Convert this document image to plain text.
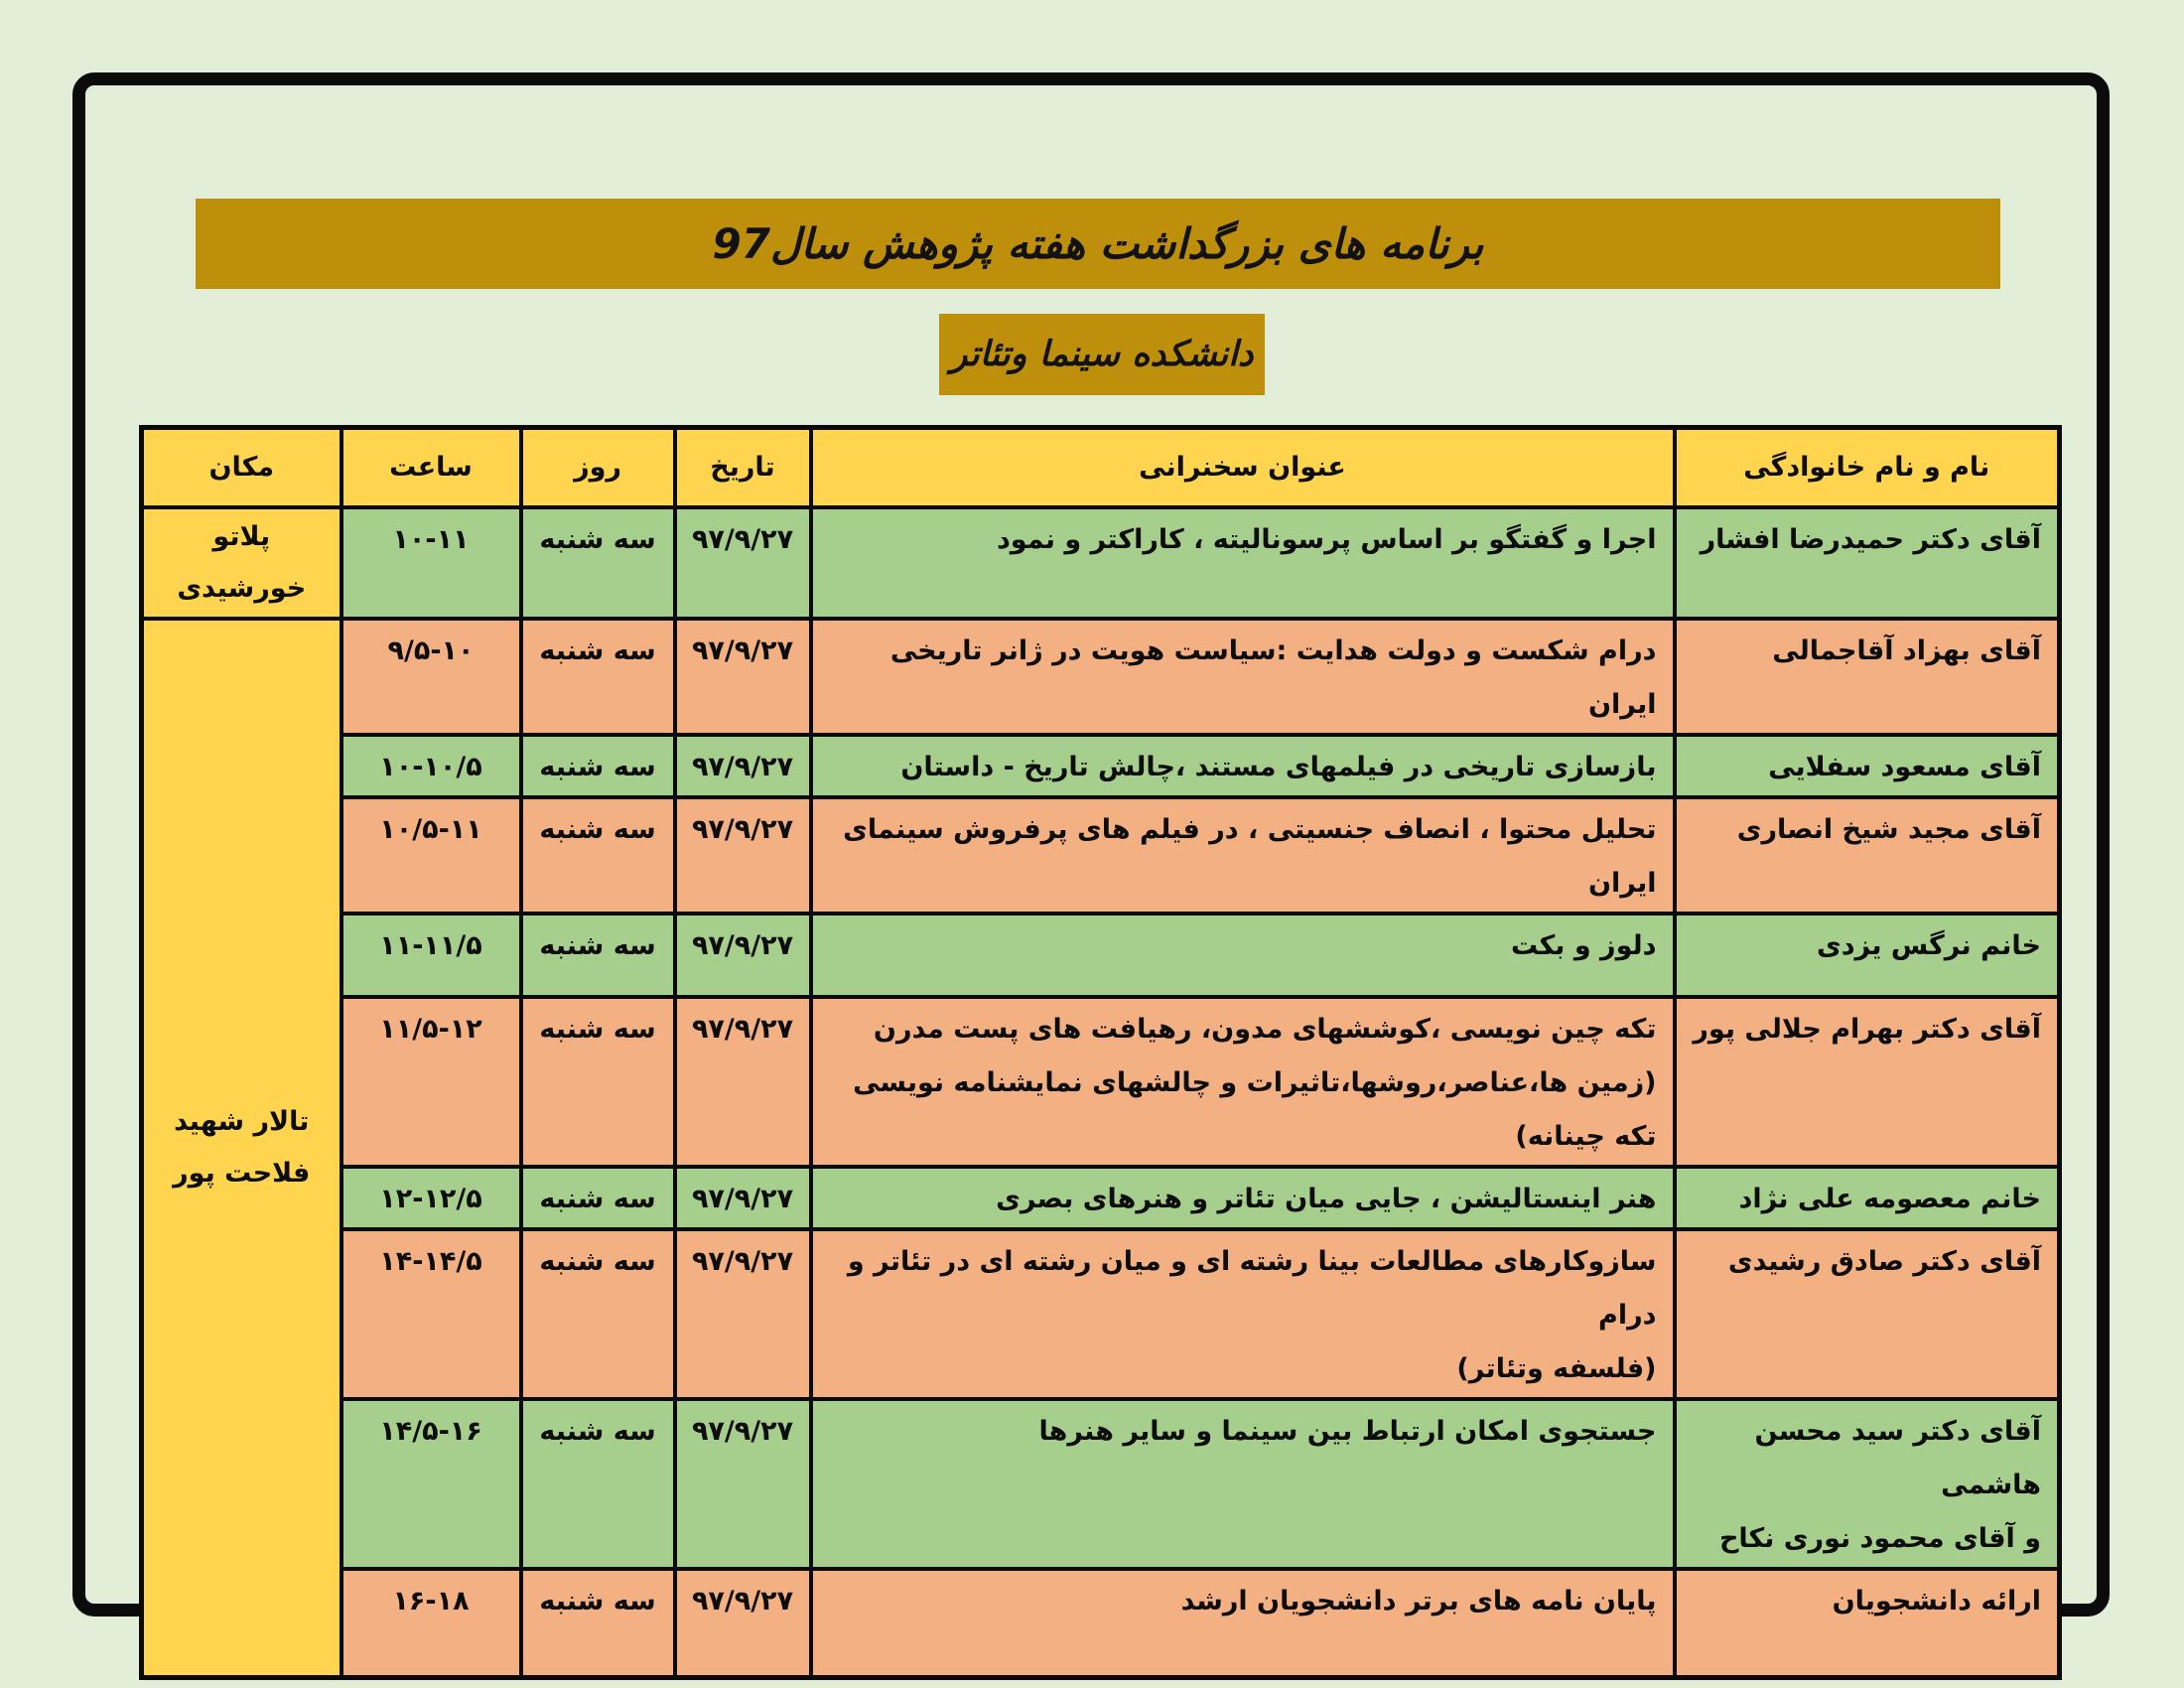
برنامه های بزرگداشت هفته پژوهش سال97
دانشکده سینما وتئاتر
نام و نام خانوادگی	عنوان سخنرانی	تاریخ	روز	ساعت	مکان
آقای دکتر حمیدرضا افشار	اجرا و گفتگو بر اساس پرسونالیته ، کاراکتر و نمود	۹۷/۹/۲۷	سه شنبه	۱۰-۱۱	پلاتو
خورشیدی

آقای بهزاد آقاجمالی	درام شکست و دولت هدایت :سیاست هویت در ژانر تاریخی ایران	۹۷/۹/۲۷	سه شنبه	۹/۵-۱۰	تالار شهید
فلاحت پور

آقای مسعود سفلایی	بازسازی تاریخی در فیلمهای مستند ،چالش تاریخ - داستان	۹۷/۹/۲۷	سه شنبه	۱۰-۱۰/۵	
آقای مجید شیخ انصاری	تحلیل محتوا ، انصاف جنسیتی ، در فیلم های پرفروش سینمای ایران	۹۷/۹/۲۷	سه شنبه	۱۰/۵-۱۱	
خانم نرگس یزدی	دلوز و بکت	۹۷/۹/۲۷	سه شنبه	۱۱-۱۱/۵	
آقای دکتر بهرام جلالی پور	تکه چین نویسی ،کوششهای مدون، رهیافت های پست مدرن
(زمین ها،عناصر،روشها،تاثیرات و چالشهای نمایشنامه نویسی تکه چینانه)	۹۷/۹/۲۷	سه شنبه	۱۱/۵-۱۲	
خانم معصومه علی نژاد	هنر اینستالیشن ، جایی میان تئاتر و هنرهای بصری	۹۷/۹/۲۷	سه شنبه	۱۲-۱۲/۵	
آقای دکتر صادق رشیدی	سازوکارهای مطالعات بینا رشته ای و میان رشته ای در تئاتر و درام
(فلسفه وتئاتر)	۹۷/۹/۲۷	سه شنبه	۱۴-۱۴/۵	

آقای دکتر سید محسن هاشمی
و آقای محمود نوری نکاح	جستجوی امکان ارتباط بین سینما و سایر هنرها	۹۷/۹/۲۷	سه شنبه	۱۴/۵-۱۶	
ارائه دانشجویان	پایان نامه های برتر دانشجویان ارشد	۹۷/۹/۲۷	سه شنبه	۱۶-۱۸	
